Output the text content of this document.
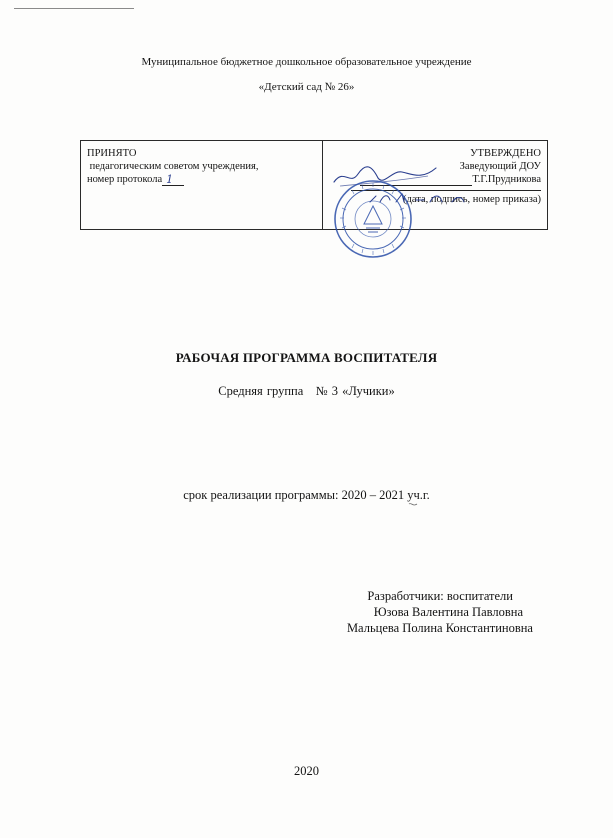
Муниципальное бюджетное дошкольное образовательное учреждение
«Детский сад № 26»
ПРИНЯТО
педагогическим советом учреждения,
номер протокола 1
УТВЕРЖДЕНО
Заведующий ДОУ
Т.Г.Прудникова
(дата, подпись, номер приказа)
РАБОЧАЯ ПРОГРАММА ВОСПИТАТЕЛЯ
Средняя группа   № 3 «Лучики»
срок реализации программы: 2020 – 2021 уч.г.
Разработчики: воспитатели
Юзова Валентина Павловна
Мальцева Полина Константиновна
2020
